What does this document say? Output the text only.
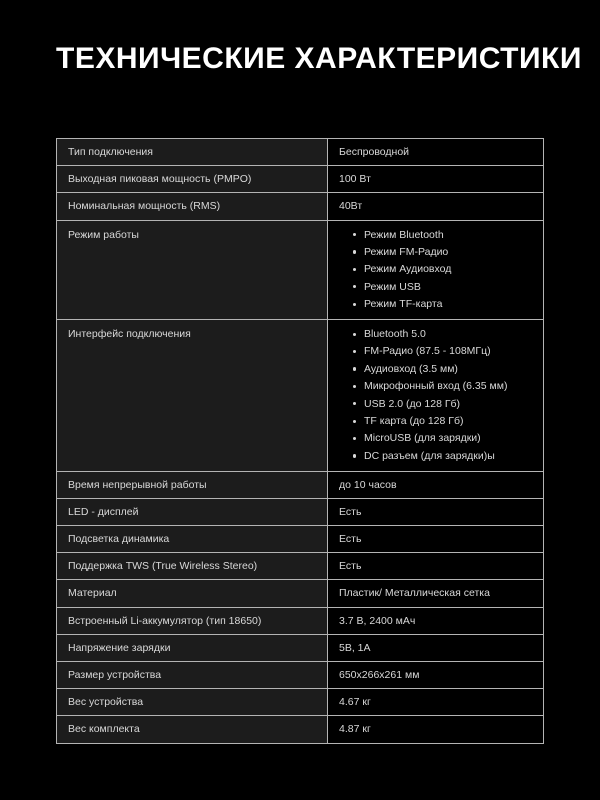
ТЕХНИЧЕСКИЕ ХАРАКТЕРИСТИКИ
Тип подключения	Беспроводной
Выходная пиковая мощность (PMPO)	100 Вт
Номинальная мощность (RMS)	40Вт
Режим работы	Режим Bluetooth
Режим FM-Радио
Режим Аудиовход
Режим USB
Режим TF-карта

Интерфейс подключения	Bluetooth 5.0
FM-Радио (87.5 - 108МГц)
Аудиовход (3.5 мм)
Микрофонный вход (6.35 мм)
USB 2.0 (до 128 Гб)
TF карта (до 128 Гб)
MicroUSB (для зарядки)
DC разъем (для зарядки)ы

Время непрерывной работы	до 10 часов
LED - дисплей	Есть
Подсветка динамика	Есть
Поддержка TWS (True Wireless Stereo)	Есть
Материал	Пластик/ Металлическая сетка
Встроенный Li-аккумулятор (тип 18650)	3.7 В, 2400 мАч
Напряжение зарядки	5В, 1А
Размер устройства	650х266х261 мм
Вес устройства	4.67 кг
Вес комплекта	4.87 кг
